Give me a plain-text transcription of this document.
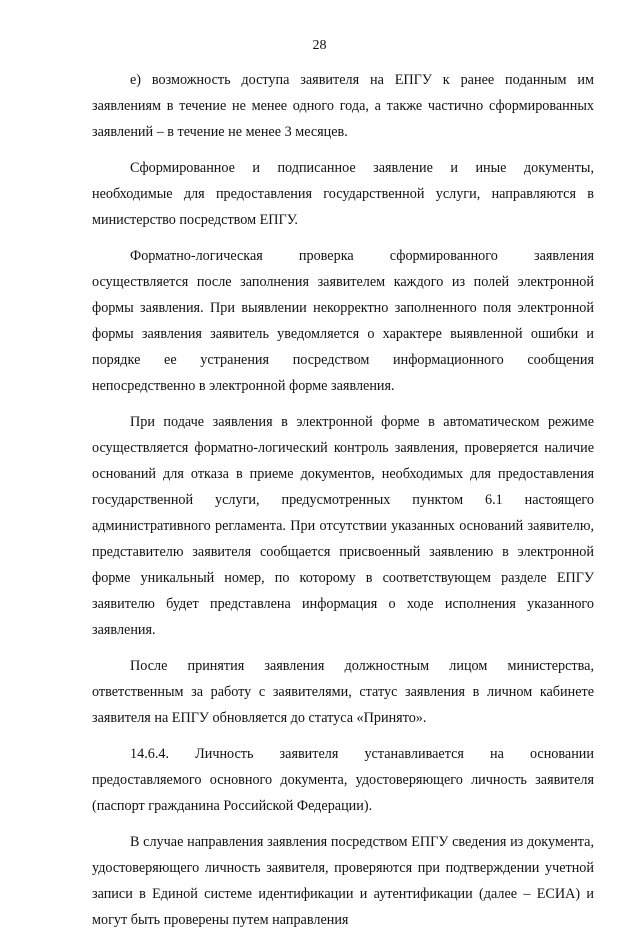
28

е) возможность доступа заявителя на ЕПГУ к ранее поданным им заявлениям в течение не менее одного года, а также частично сформированных заявлений – в течение не менее 3 месяцев.

Сформированное и подписанное заявление и иные документы, необходимые для предоставления государственной услуги, направляются в министерство посредством ЕПГУ.

Форматно-логическая проверка сформированного заявления осуществляется после заполнения заявителем каждого из полей электронной формы заявления. При выявлении некорректно заполненного поля электронной формы заявления заявитель уведомляется о характере выявленной ошибки и порядке ее устранения посредством информационного сообщения непосредственно в электронной форме заявления.

При подаче заявления в электронной форме в автоматическом режиме осуществляется форматно-логический контроль заявления, проверяется наличие оснований для отказа в приеме документов, необходимых для предоставления государственной услуги, предусмотренных пунктом 6.1 настоящего административного регламента. При отсутствии указанных оснований заявителю, представителю заявителя сообщается присвоенный заявлению в электронной форме уникальный номер, по которому в соответствующем разделе ЕПГУ заявителю будет представлена информация о ходе исполнения указанного заявления.

После принятия заявления должностным лицом министерства, ответственным за работу с заявителями, статус заявления в личном кабинете заявителя на ЕПГУ обновляется до статуса «Принято».

14.6.4. Личность заявителя устанавливается на основании предоставляемого основного документа, удостоверяющего личность заявителя (паспорт гражданина Российской Федерации).

В случае направления заявления посредством ЕПГУ сведения из документа, удостоверяющего личность заявителя, проверяются при подтверждении учетной записи в Единой системе идентификации и аутентификации (далее – ЕСИА) и могут быть проверены путем направления
